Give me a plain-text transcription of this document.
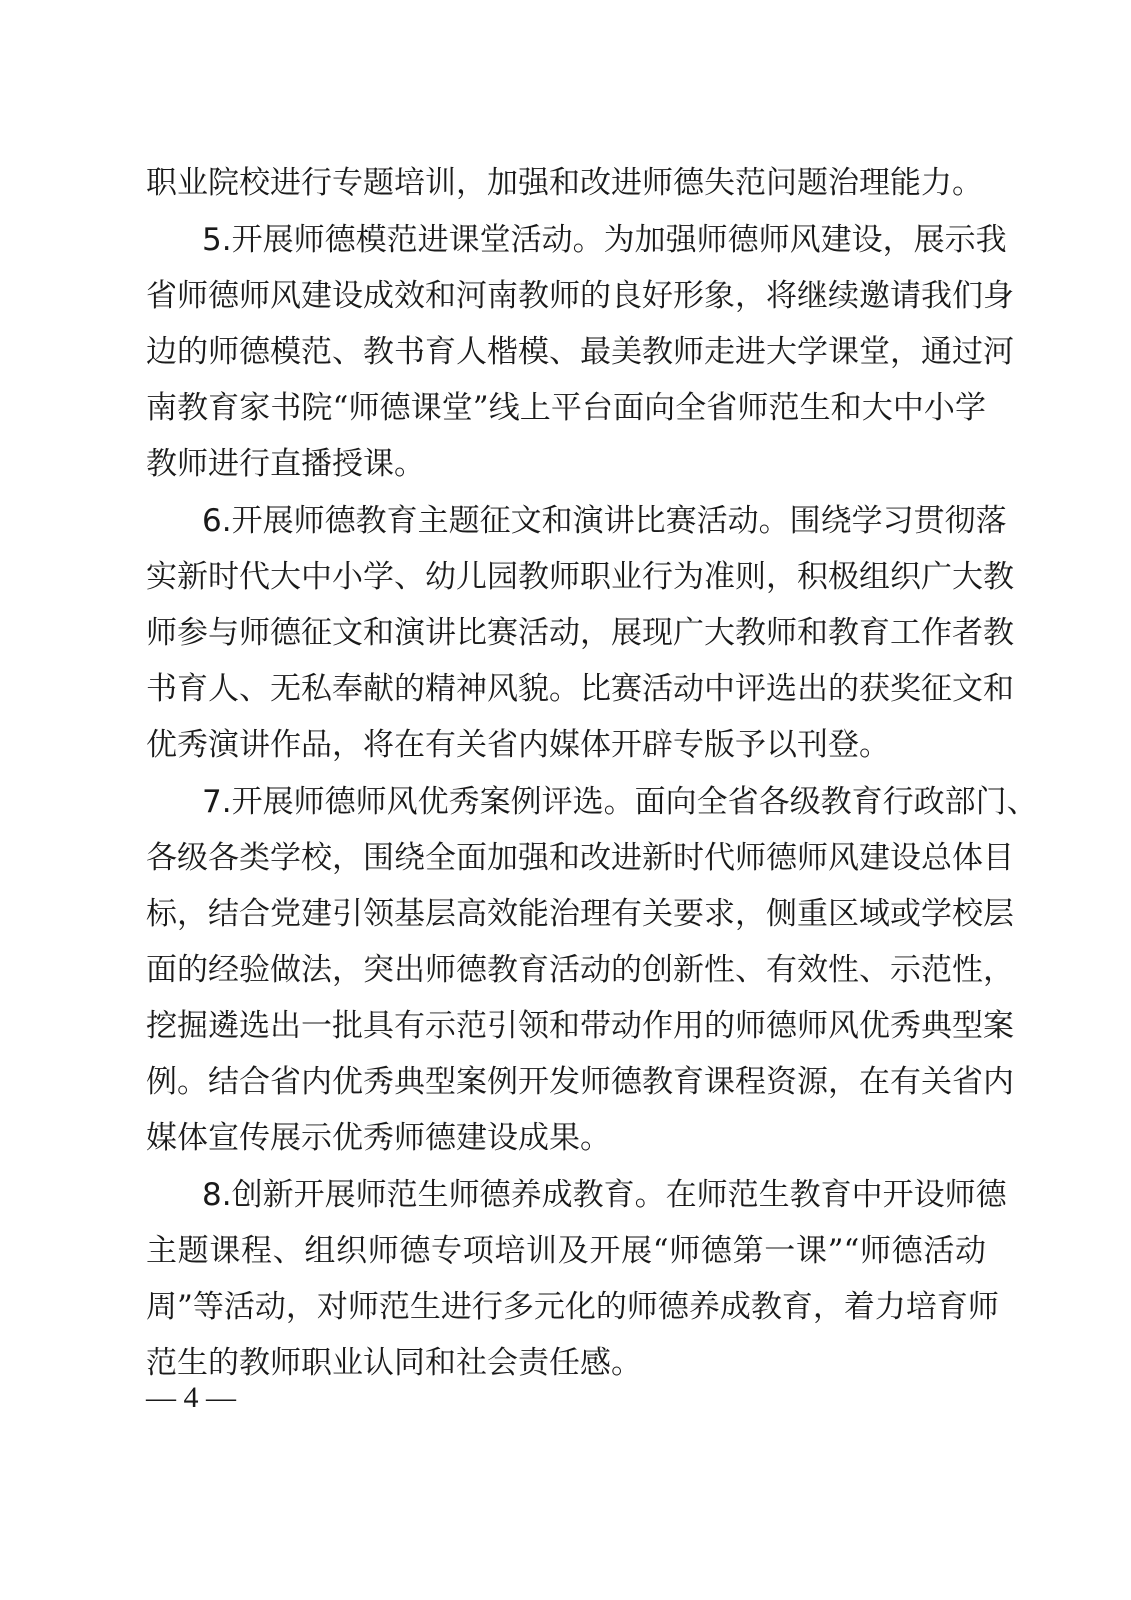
职业院校进行专题培训，加强和改进师德失范问题治理能力。
5.开展师德模范进课堂活动。为加强师德师风建设，展示我
省师德师风建设成效和河南教师的良好形象，将继续邀请我们身
边的师德模范、教书育人楷模、最美教师走进大学课堂，通过河
南教育家书院“师德课堂”线上平台面向全省师范生和大中小学
教师进行直播授课。
6.开展师德教育主题征文和演讲比赛活动。围绕学习贯彻落
实新时代大中小学、幼儿园教师职业行为准则，积极组织广大教
师参与师德征文和演讲比赛活动，展现广大教师和教育工作者教
书育人、无私奉献的精神风貌。比赛活动中评选出的获奖征文和
优秀演讲作品，将在有关省内媒体开辟专版予以刊登。
7.开展师德师风优秀案例评选。面向全省各级教育行政部门、
各级各类学校，围绕全面加强和改进新时代师德师风建设总体目
标，结合党建引领基层高效能治理有关要求，侧重区域或学校层
面的经验做法，突出师德教育活动的创新性、有效性、示范性，
挖掘遴选出一批具有示范引领和带动作用的师德师风优秀典型案
例。结合省内优秀典型案例开发师德教育课程资源，在有关省内
媒体宣传展示优秀师德建设成果。
8.创新开展师范生师德养成教育。在师范生教育中开设师德
主题课程、组织师德专项培训及开展“师德第一课”“师德活动
周”等活动，对师范生进行多元化的师德养成教育，着力培育师
范生的教师职业认同和社会责任感。
— 4 —
